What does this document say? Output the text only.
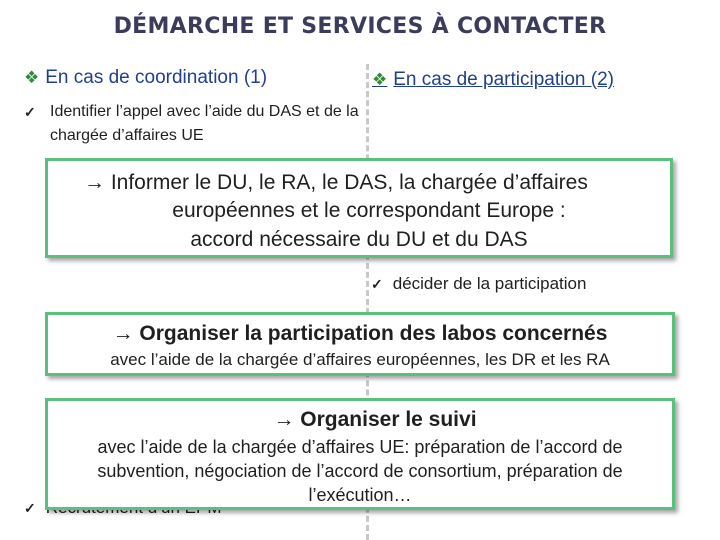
DÉMARCHE ET SERVICES À CONTACTER
❖ En cas de coordination (1)	❖ En cas de participation (2)
✓ Identifier l’appel avec l’aide du DAS et de la chargée d’affaires UE
✓
→ Informer le DU, le RA, le DAS, la chargée d’affaires
européennes et le correspondant Europe :
accord nécessaire du DU et du DAS
✓ décider de la participation
→ Organiser la participation des labos concernés
avec l’aide de la chargée d’affaires européennes, les DR et les RA
→ Organiser le suivi
avec l’aide de la chargée d’affaires UE: préparation de l’accord de subvention, négociation de l’accord de consortium, préparation de l’exécution…
